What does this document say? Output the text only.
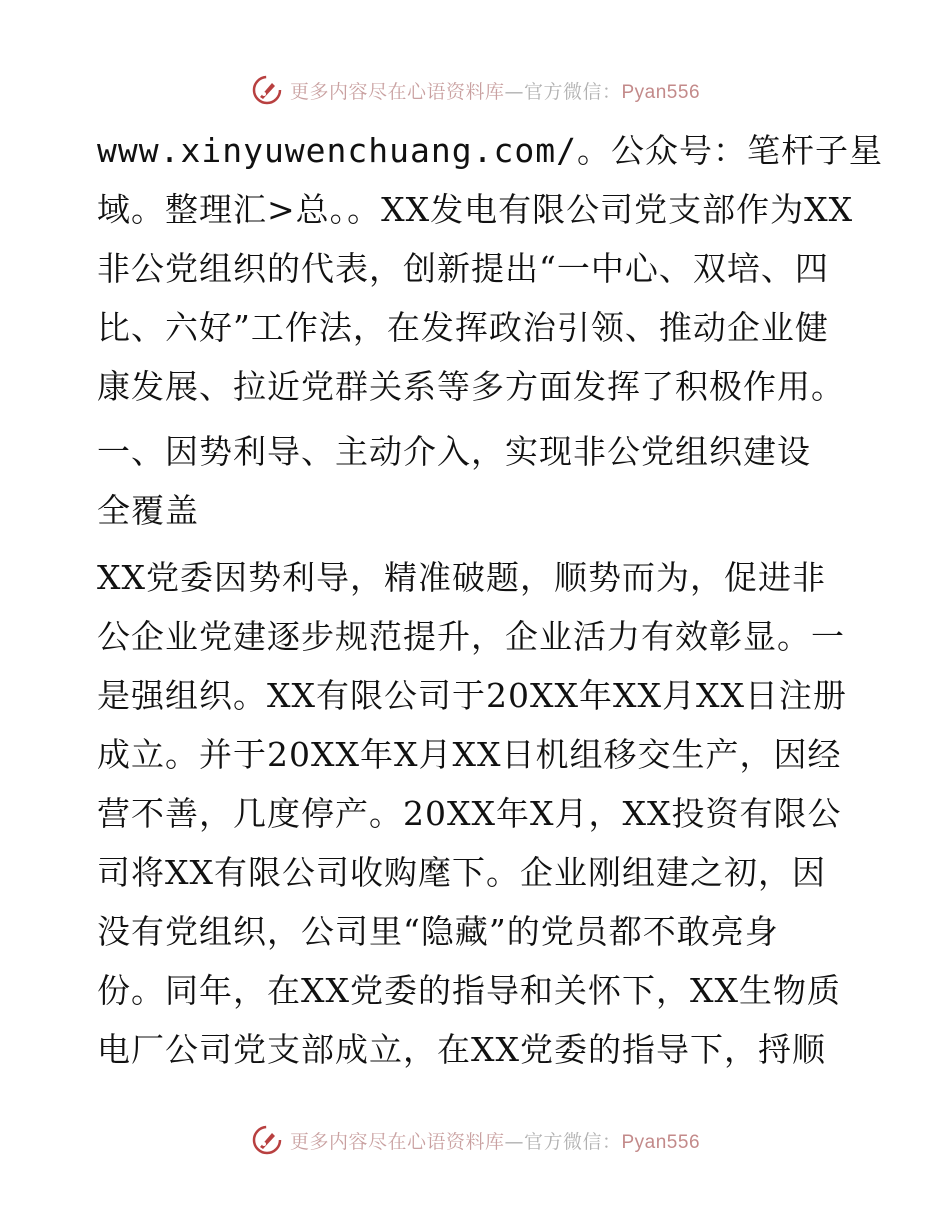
更多内容尽在心语资料库—官方微信：Pyan556
www.xinyuwenchuang.com/。公众号：笔杆子星
域。整理汇>总。。XX发电有限公司党支部作为XX
非公党组织的代表，创新提出“一中心、双培、四
比、六好”工作法，在发挥政治引领、推动企业健
康发展、拉近党群关系等多方面发挥了积极作用。
一、因势利导、主动介入，实现非公党组织建设
全覆盖
XX党委因势利导，精准破题，顺势而为，促进非
公企业党建逐步规范提升，企业活力有效彰显。一
是强组织。XX有限公司于20XX年XX月XX日注册
成立。并于20XX年X月XX日机组移交生产，因经
营不善，几度停产。20XX年X月，XX投资有限公
司将XX有限公司收购麾下。企业刚组建之初，因
没有党组织，公司里“隐藏”的党员都不敢亮身
份。同年，在XX党委的指导和关怀下，XX生物质
电厂公司党支部成立，在XX党委的指导下，捋顺
更多内容尽在心语资料库—官方微信：Pyan556
